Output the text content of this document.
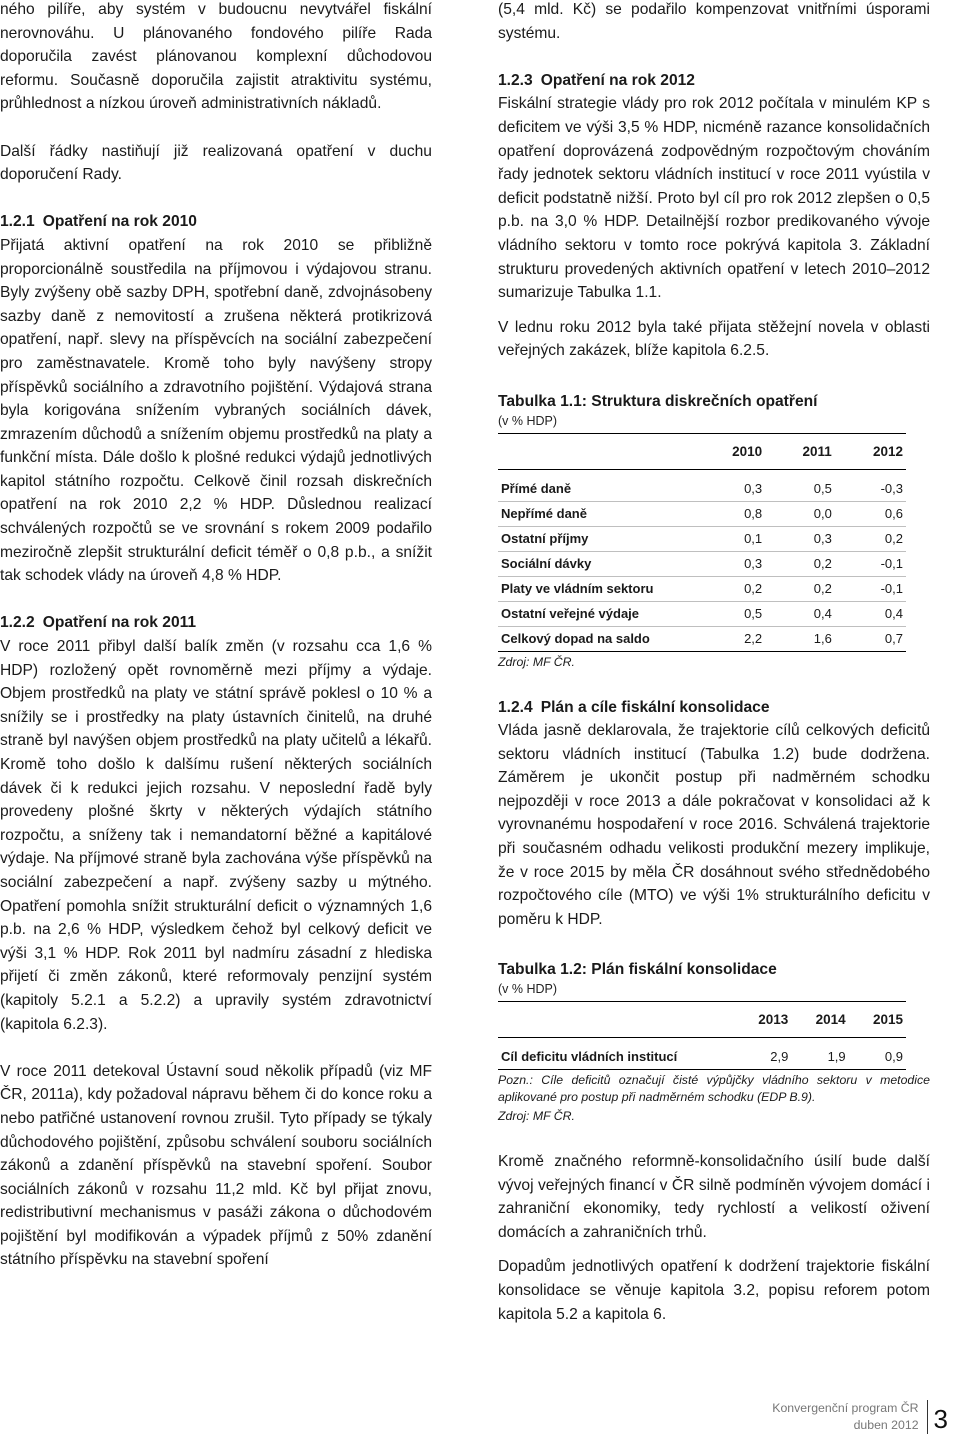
ného pilíře, aby systém v budoucnu nevytvářel fiskální nerovnováhu. U plánovaného fondového pilíře Rada doporučila zavést plánovanou komplexní důchodovou reformu. Současně doporučila zajistit atraktivitu systému, průhlednost a nízkou úroveň administrativních nákladů.

Další řádky nastiňují již realizovaná opatření v duchu doporučení Rady.

1.2.1 Opatření na rok 2010

Přijatá aktivní opatření na rok 2010 se přibližně proporcionálně soustředila na příjmovou i výdajovou stranu. Byly zvýšeny obě sazby DPH, spotřební daně, zdvojnásobeny sazby daně z nemovitostí a zrušena některá protikrizová opatření, např. slevy na příspěvcích na sociální zabezpečení pro zaměstnavatele. Kromě toho byly navýšeny stropy příspěvků sociálního a zdravotního pojištění. Výdajová strana byla korigována snížením vybraných sociálních dávek, zmrazením důchodů a snížením objemu prostředků na platy a funkční místa. Dále došlo k plošné redukci výdajů jednotlivých kapitol státního rozpočtu. Celkově činil rozsah diskrečních opatření na rok 2010 2,2 % HDP. Důslednou realizací schválených rozpočtů se ve srovnání s rokem 2009 podařilo meziročně zlepšit strukturální deficit téměř o 0,8 p.b., a snížit tak schodek vlády na úroveň 4,8 % HDP.

1.2.2 Opatření na rok 2011

V roce 2011 přibyl další balík změn (v rozsahu cca 1,6 % HDP) rozložený opět rovnoměrně mezi příjmy a výdaje. Objem prostředků na platy ve státní správě poklesl o 10 % a snížily se i prostředky na platy ústavních činitelů, na druhé straně byl navýšen objem prostředků na platy učitelů a lékařů. Kromě toho došlo k dalšímu rušení některých sociálních dávek či k redukci jejich rozsahu. V neposlední řadě byly provedeny plošné škrty v některých výdajích státního rozpočtu, a sníženy tak i nemandatorní běžné a kapitálové výdaje. Na příjmové straně byla zachována výše příspěvků na sociální zabezpečení a např. zvýšeny sazby u mýtného. Opatření pomohla snížit strukturální deficit o významných 1,6 p.b. na 2,6 % HDP, výsledkem čehož byl celkový deficit ve výši 3,1 % HDP. Rok 2011 byl nadmíru zásadní z hlediska přijetí či změn zákonů, které reformovaly penzijní systém (kapitoly 5.2.1 a 5.2.2) a upravily systém zdravotnictví (kapitola 6.2.3).

V roce 2011 detekoval Ústavní soud několik případů (viz MF ČR, 2011a), kdy požadoval nápravu během či do konce roku a nebo patřičné ustanovení rovnou zrušil. Tyto případy se týkaly důchodového pojištění, způsobu schválení souboru sociálních zákonů a zdanění příspěvků na stavební spoření. Soubor sociálních zákonů v rozsahu 11,2 mld. Kč byl přijat znovu, redistributivní mechanismus v pasáži zákona o důchodovém pojištění byl modifikován a výpadek příjmů z 50% zdanění státního příspěvku na stavební spoření

(5,4 mld. Kč) se podařilo kompenzovat vnitřními úsporami systému.

1.2.3 Opatření na rok 2012

Fiskální strategie vlády pro rok 2012 počítala v minulém KP s deficitem ve výši 3,5 % HDP, nicméně razance konsolidačních opatření doprovázená zodpovědným rozpočtovým chováním řady jednotek sektoru vládních institucí v roce 2011 vyústila v deficit podstatně nižší. Proto byl cíl pro rok 2012 zlepšen o 0,5 p.b. na 3,0 % HDP. Detailnější rozbor predikovaného vývoje vládního sektoru v tomto roce pokrývá kapitola 3. Základní strukturu provedených aktivních opatření v letech 2010–2012 sumarizuje Tabulka 1.1.

V lednu roku 2012 byla také přijata stěžejní novela v oblasti veřejných zakázek, blíže kapitola 6.2.5.

Tabulka 1.1: Struktura diskrečních opatření

(v % HDP)

	2010	2011	2012
Přímé daně	0,3	0,5	-0,3
Nepřímé daně	0,8	0,0	0,6
Ostatní příjmy	0,1	0,3	0,2
Sociální dávky	0,3	0,2	-0,1
Platy ve vládním sektoru	0,2	0,2	-0,1
Ostatní veřejné výdaje	0,5	0,4	0,4
Celkový dopad na saldo	2,2	1,6	0,7

Zdroj: MF ČR.

1.2.4 Plán a cíle fiskální konsolidace

Vláda jasně deklarovala, že trajektorie cílů celkových deficitů sektoru vládních institucí (Tabulka 1.2) bude dodržena. Záměrem je ukončit postup při nadměrném schodku nejpozději v roce 2013 a dále pokračovat v konsolidaci až k vyrovnanému hospodaření v roce 2016. Schválená trajektorie při současném odhadu velikosti produkční mezery implikuje, že v roce 2015 by měla ČR dosáhnout svého střednědobého rozpočtového cíle (MTO) ve výši 1% strukturálního deficitu v poměru k HDP.

Tabulka 1.2: Plán fiskální konsolidace

(v % HDP)

	2013	2014	2015
Cíl deficitu vládních institucí	2,9	1,9	0,9

Pozn.: Cíle deficitů označují čisté výpůjčky vládního sektoru v metodice aplikované pro postup při nadměrném schodku (EDP B.9).

Zdroj: MF ČR.

Kromě značného reformně-konsolidačního úsilí bude další vývoj veřejných financí v ČR silně podmíněn vývojem domácí i zahraniční ekonomiky, tedy rychlostí a velikostí oživení domácích a zahraničních trhů.

Dopadům jednotlivých opatření k dodržení trajektorie fiskální konsolidace se věnuje kapitola 3.2, popisu reforem potom kapitola 5.2 a kapitola 6.

Konvergenční program ČR
duben 2012 3
